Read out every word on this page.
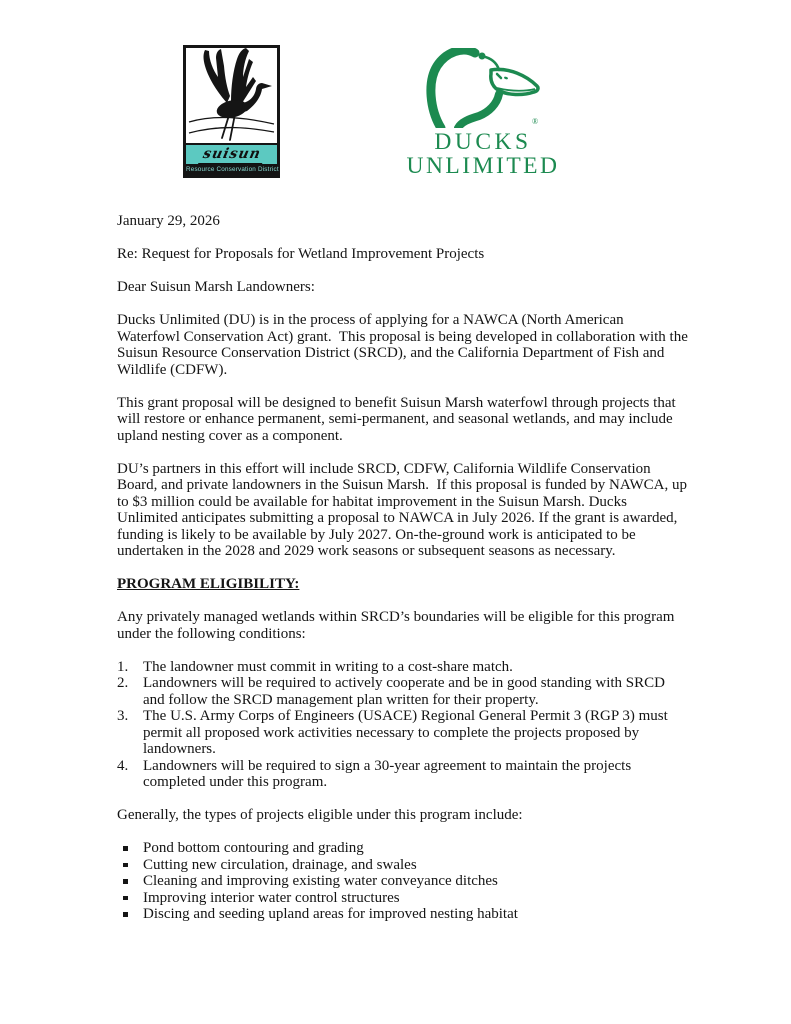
suisun
Resource Conservation District
®
DUCKS
UNLIMITED

January 29, 2026

Re: Request for Proposals for Wetland Improvement Projects

Dear Suisun Marsh Landowners:

Ducks Unlimited (DU) is in the process of applying for a NAWCA (North American Waterfowl Conservation Act) grant.  This proposal is being developed in collaboration with the Suisun Resource Conservation District (SRCD), and the California Department of Fish and Wildlife (CDFW).

This grant proposal will be designed to benefit Suisun Marsh waterfowl through projects that will restore or enhance permanent, semi-permanent, and seasonal wetlands, and may include upland nesting cover as a component.

DU’s partners in this effort will include SRCD, CDFW, California Wildlife Conservation Board, and private landowners in the Suisun Marsh.  If this proposal is funded by NAWCA, up to $3 million could be available for habitat improvement in the Suisun Marsh. Ducks Unlimited anticipates submitting a proposal to NAWCA in July 2026. If the grant is awarded, funding is likely to be available by July 2027. On-the-ground work is anticipated to be undertaken in the 2028 and 2029 work seasons or subsequent seasons as necessary.

PROGRAM ELIGIBILITY:

Any privately managed wetlands within SRCD’s boundaries will be eligible for this program under the following conditions:

The landowner must commit in writing to a cost-share match.
Landowners will be required to actively cooperate and be in good standing with SRCD and follow the SRCD management plan written for their property.
The U.S. Army Corps of Engineers (USACE) Regional General Permit 3 (RGP 3) must permit all proposed work activities necessary to complete the projects proposed by landowners.
Landowners will be required to sign a 30-year agreement to maintain the projects completed under this program.

Generally, the types of projects eligible under this program include:

Pond bottom contouring and grading
Cutting new circulation, drainage, and swales
Cleaning and improving existing water conveyance ditches
Improving interior water control structures
Discing and seeding upland areas for improved nesting habitat
